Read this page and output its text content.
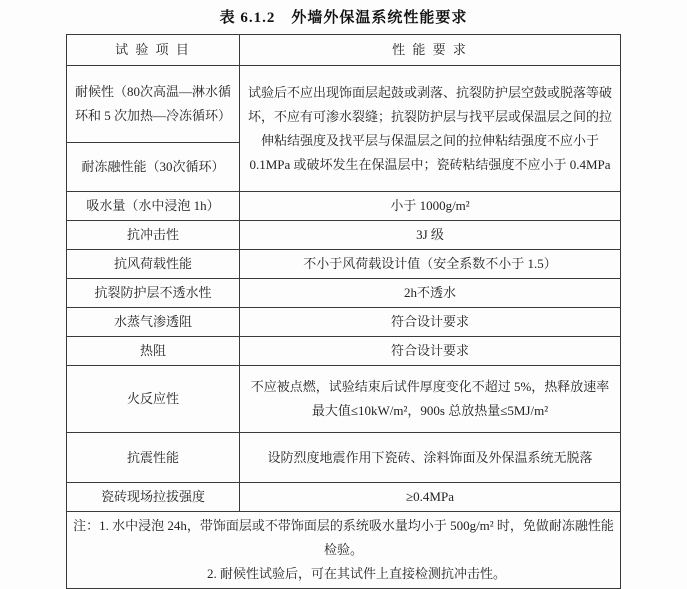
表 6.1.2　外墙外保温系统性能要求
试 验 项 目	性 能 要 求
耐候性（80次高温—淋水循环和 5 次加热—冷冻循环）	试验后不应出现饰面层起鼓或剥落、抗裂防护层空鼓或脱落等破坏，不应有可渗水裂缝；抗裂防护层与找平层或保温层之间的拉伸粘结强度及找平层与保温层之间的拉伸粘结强度不应小于 0.1MPa 或破坏发生在保温层中；瓷砖粘结强度不应小于 0.4MPa
耐冻融性能（30次循环）	
吸水量（水中浸泡 1h）	小于 1000g/m²
抗冲击性	3J 级
抗风荷载性能	不小于风荷载设计值（安全系数不小于 1.5）
抗裂防护层不透水性	2h不透水
水蒸气渗透阻	符合设计要求
热阻	符合设计要求
火反应性	不应被点燃，试验结束后试件厚度变化不超过 5%，热释放速率最大值≤10kW/m²，900s 总放热量≤5MJ/m²
抗震性能	设防烈度地震作用下瓷砖、涂料饰面及外保温系统无脱落
瓷砖现场拉拔强度	≥0.4MPa

注：1. 水中浸泡 24h，带饰面层或不带饰面层的系统吸水量均小于 500g/m² 时，免做耐冻融性能检验。

2. 耐候性试验后，可在其试件上直接检测抗冲击性。	
